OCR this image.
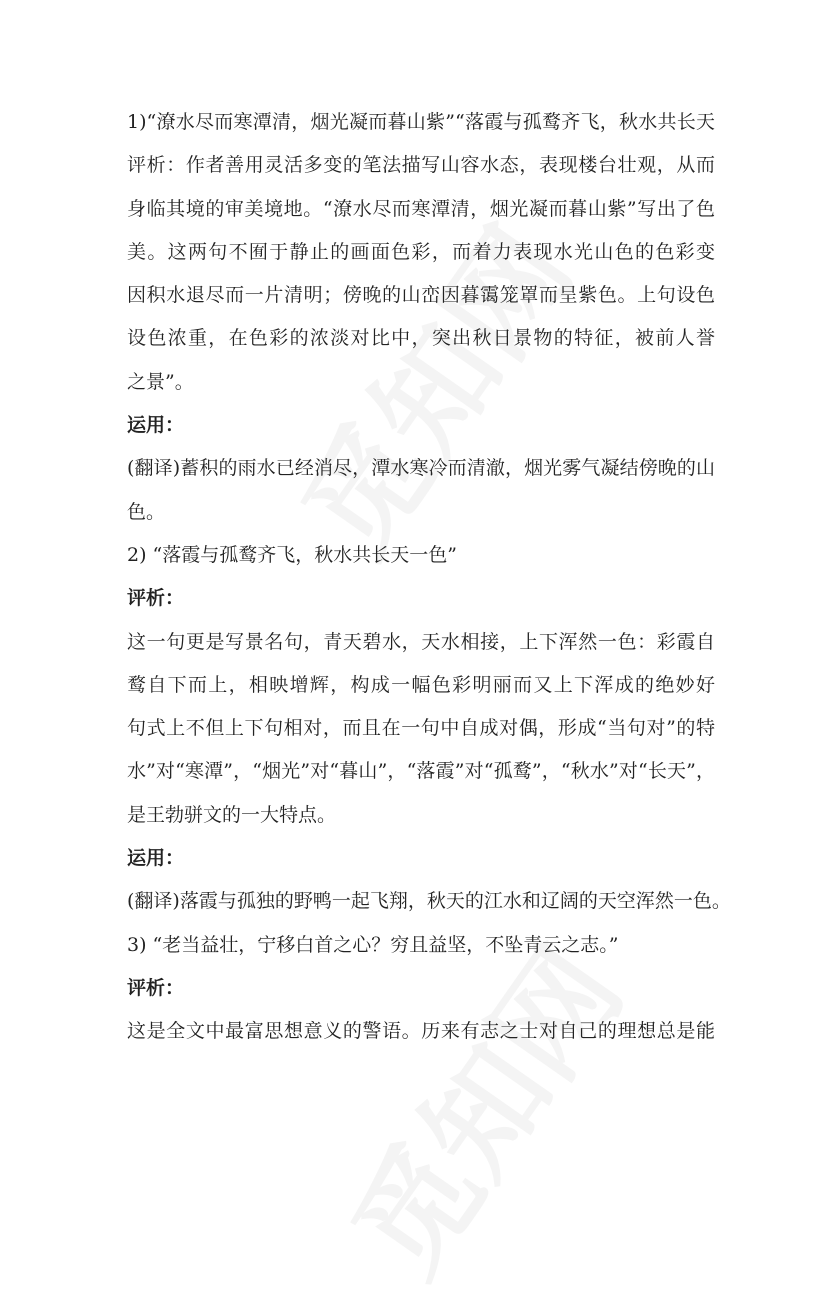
1)“潦水尽而寒潭清，烟光凝而暮山紫”“落霞与孤鹜齐飞，秋水共长天
评析：作者善用灵活多变的笔法描写山容水态，表现楼台壮观，从而
身临其境的审美境地。“潦水尽而寒潭清，烟光凝而暮山紫”写出了色
美。这两句不囿于静止的画面色彩，而着力表现水光山色的色彩变
因积水退尽而一片清明；傍晚的山峦因暮霭笼罩而呈紫色。上句设色
设色浓重，在色彩的浓淡对比中，突出秋日景物的特征，被前人誉
之景”。
运用：
(翻译)蓄积的雨水已经消尽，潭水寒冷而清澈，烟光雾气凝结傍晚的山
色。
2) “落霞与孤鹜齐飞，秋水共长天一色”
评析：
这一句更是写景名句，青天碧水，天水相接，上下浑然一色：彩霞自
鹜自下而上，相映增辉，构成一幅色彩明丽而又上下浑成的绝妙好
句式上不但上下句相对，而且在一句中自成对偶，形成“当句对”的特
水”对“寒潭”，“烟光”对“暮山”，“落霞”对“孤鹜”，“秋水”对“长天”，
是王勃骈文的一大特点。
运用：
(翻译)落霞与孤独的野鸭一起飞翔，秋天的江水和辽阔的天空浑然一色。
3) “老当益壮，宁移白首之心？穷且益坚，不坠青云之志。”
评析：
这是全文中最富思想意义的警语。历来有志之士对自己的理想总是能
